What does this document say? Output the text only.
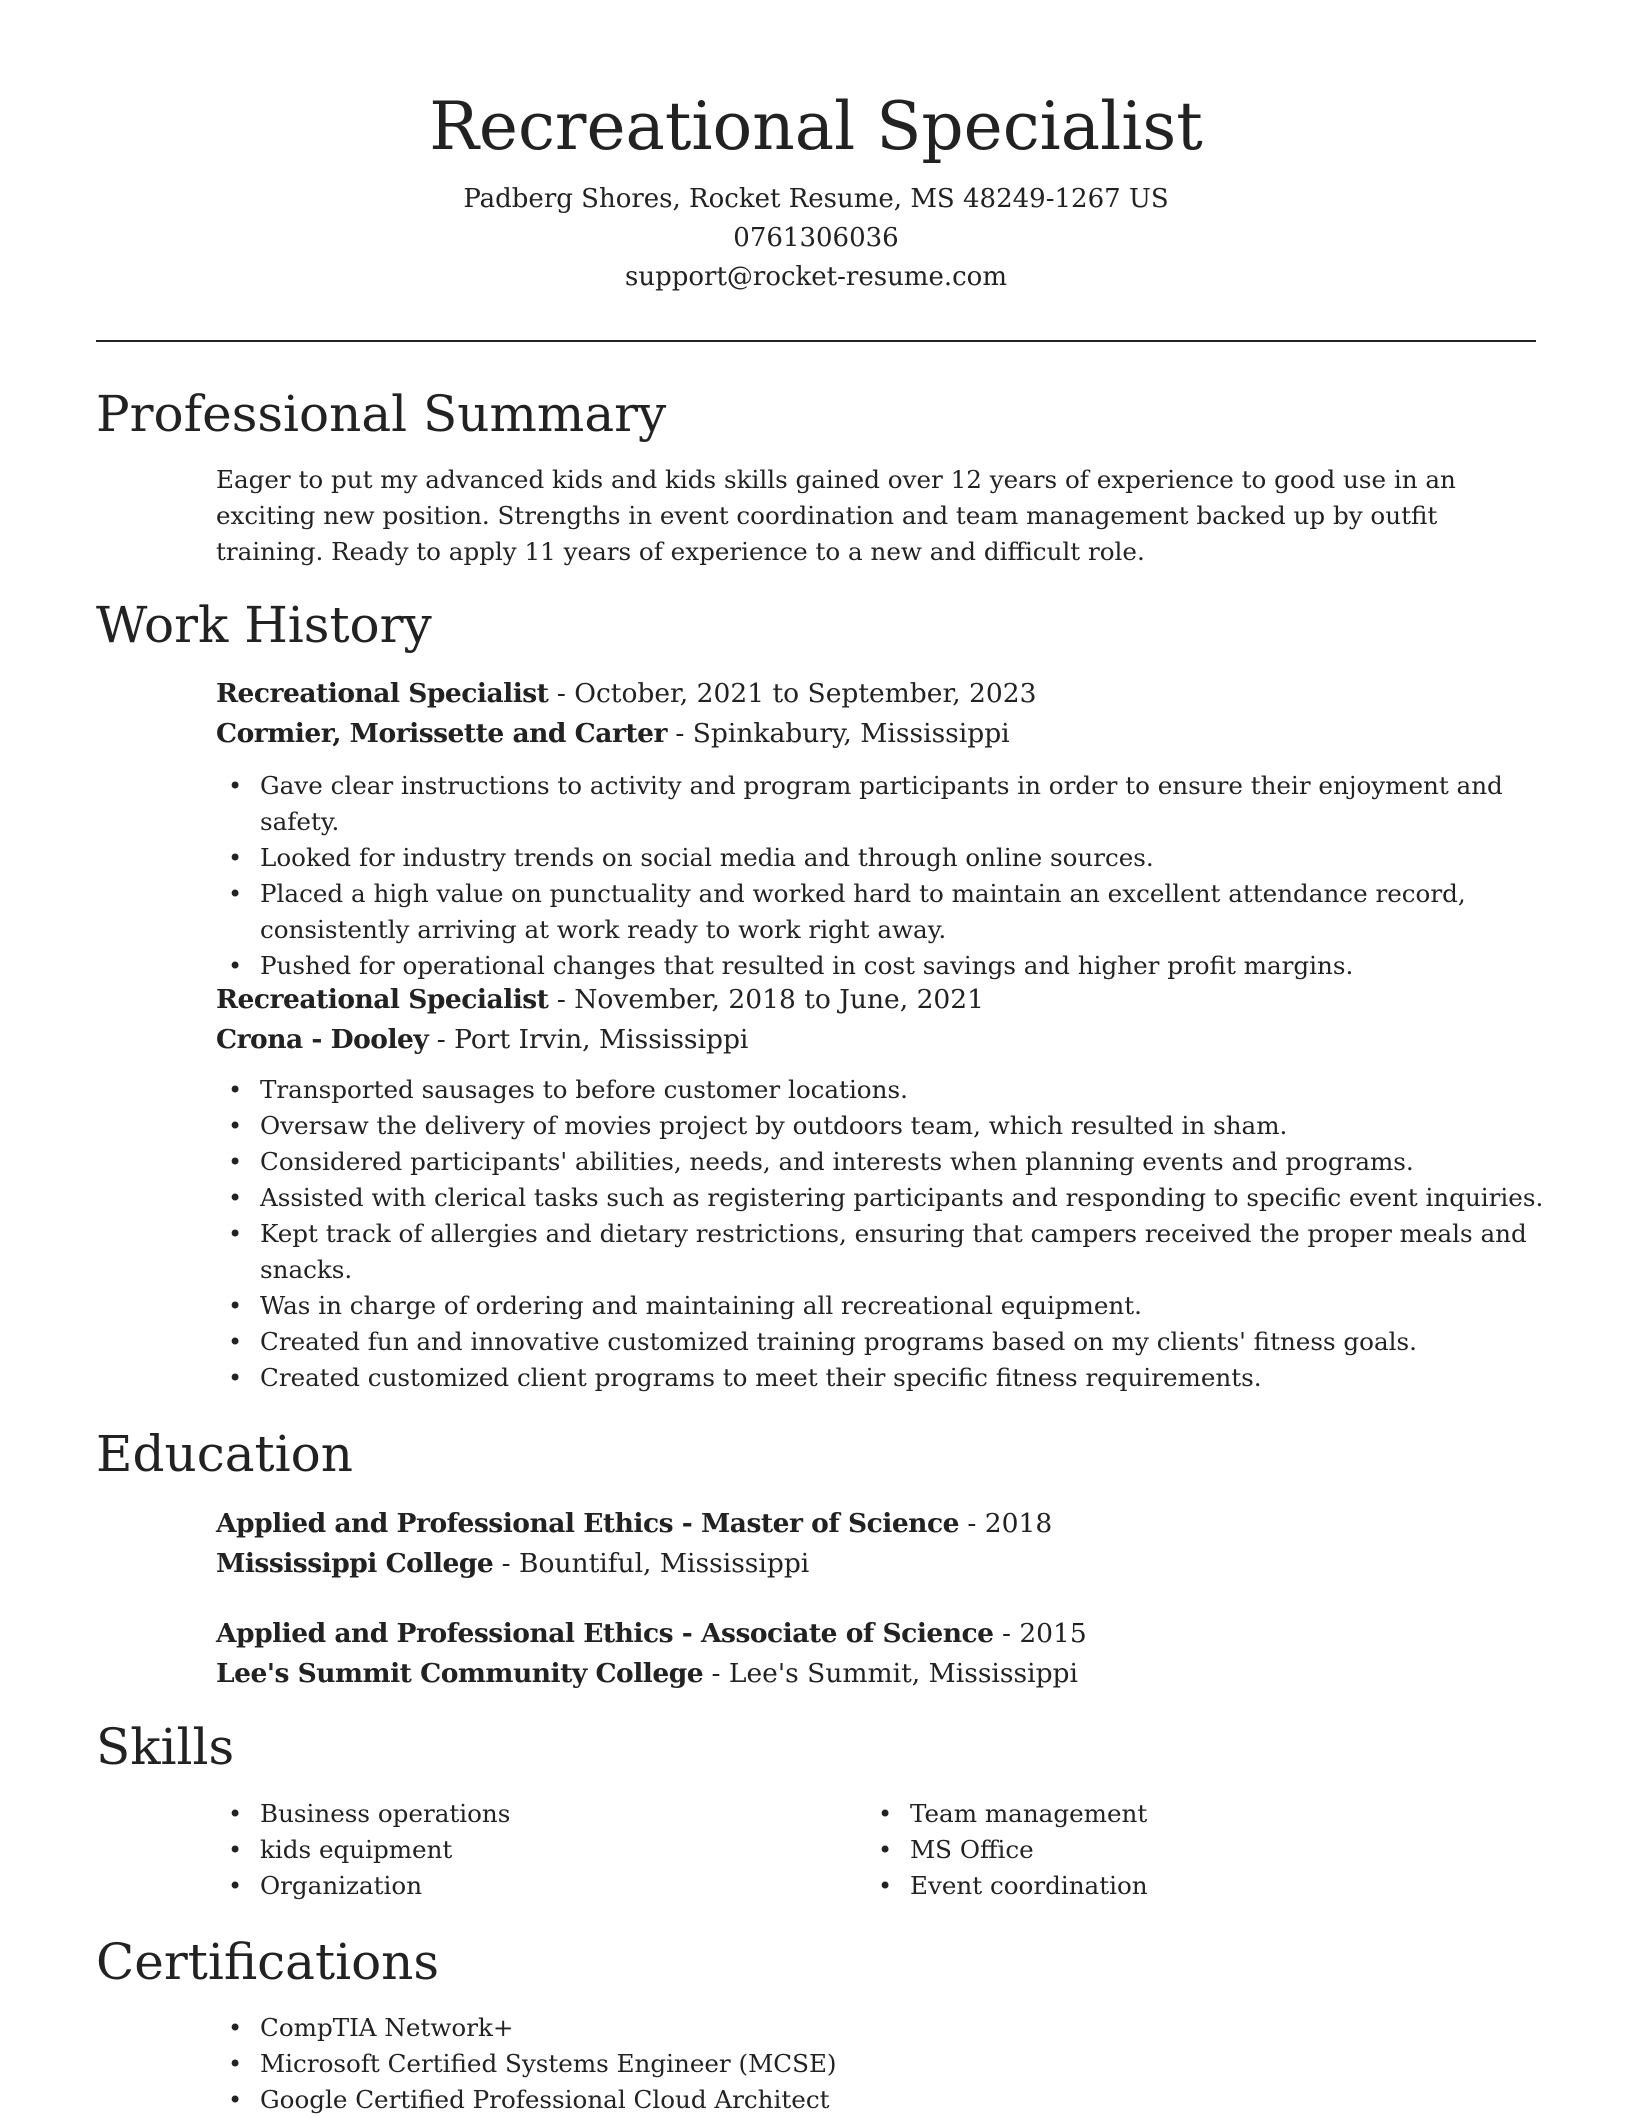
Recreational Specialist
Padberg Shores, Rocket Resume, MS 48249-1267 US
0761306036
support@rocket-resume.com
Professional Summary
Eager to put my advanced kids and kids skills gained over 12 years of experience to good use in an exciting new position. Strengths in event coordination and team management backed up by outfit training. Ready to apply 11 years of experience to a new and difficult role.
Work History
Recreational Specialist - October, 2021 to September, 2023
Cormier, Morissette and Carter - Spinkabury, Mississippi
• Gave clear instructions to activity and program participants in order to ensure their enjoyment and safety.
• Looked for industry trends on social media and through online sources.
• Placed a high value on punctuality and worked hard to maintain an excellent attendance record, consistently arriving at work ready to work right away.
• Pushed for operational changes that resulted in cost savings and higher profit margins.
Recreational Specialist - November, 2018 to June, 2021
Crona - Dooley - Port Irvin, Mississippi
• Transported sausages to before customer locations.
• Oversaw the delivery of movies project by outdoors team, which resulted in sham.
• Considered participants' abilities, needs, and interests when planning events and programs.
• Assisted with clerical tasks such as registering participants and responding to specific event inquiries.
• Kept track of allergies and dietary restrictions, ensuring that campers received the proper meals and snacks.
• Was in charge of ordering and maintaining all recreational equipment.
• Created fun and innovative customized training programs based on my clients' fitness goals.
• Created customized client programs to meet their specific fitness requirements.
Education
Applied and Professional Ethics - Master of Science - 2018
Mississippi College - Bountiful, Mississippi
Applied and Professional Ethics - Associate of Science - 2015
Lee's Summit Community College - Lee's Summit, Mississippi
Skills
• Business operations
• kids equipment
• Organization
• Team management
• MS Office
• Event coordination
Certifications
• CompTIA Network+
• Microsoft Certified Systems Engineer (MCSE)
• Google Certified Professional Cloud Architect
